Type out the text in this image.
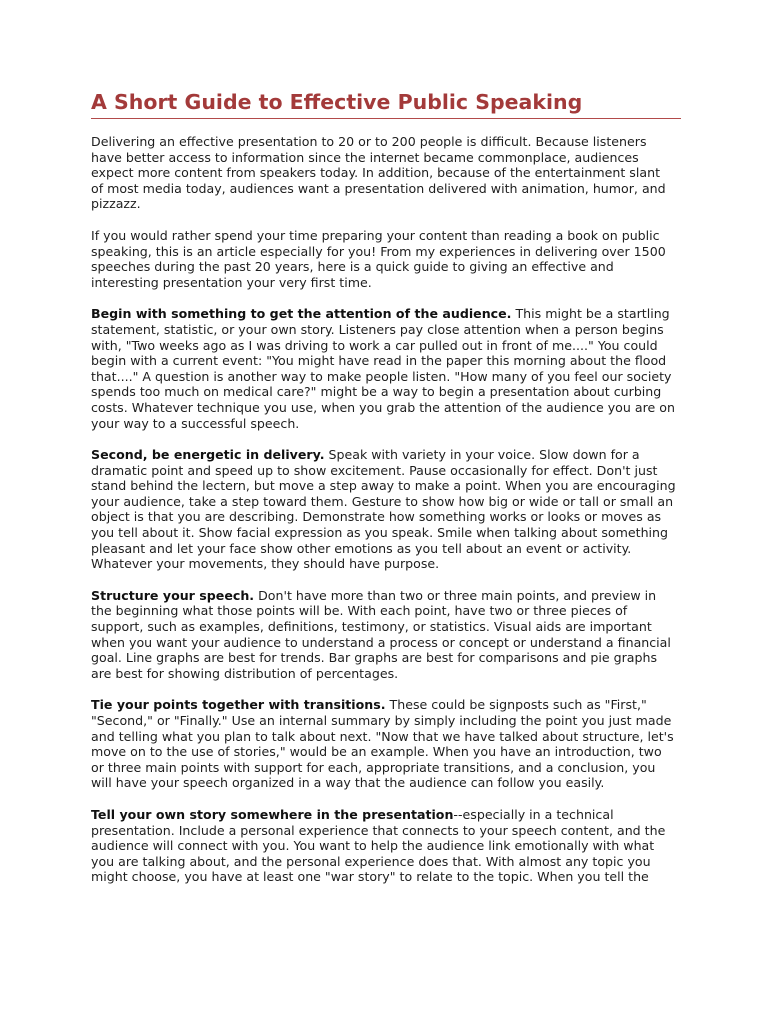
A Short Guide to Effective Public Speaking

Delivering an effective presentation to 20 or to 200 people is difficult. Because listeners
have better access to information since the internet became commonplace, audiences
expect more content from speakers today. In addition, because of the entertainment slant
of most media today, audiences want a presentation delivered with animation, humor, and
pizzazz.

If you would rather spend your time preparing your content than reading a book on public
speaking, this is an article especially for you! From my experiences in delivering over 1500
speeches during the past 20 years, here is a quick guide to giving an effective and
interesting presentation your very first time.

Begin with something to get the attention of the audience. This might be a startling
statement, statistic, or your own story. Listeners pay close attention when a person begins
with, "Two weeks ago as I was driving to work a car pulled out in front of me...." You could
begin with a current event: "You might have read in the paper this morning about the flood
that...." A question is another way to make people listen. "How many of you feel our society
spends too much on medical care?" might be a way to begin a presentation about curbing
costs. Whatever technique you use, when you grab the attention of the audience you are on
your way to a successful speech.

Second, be energetic in delivery. Speak with variety in your voice. Slow down for a
dramatic point and speed up to show excitement. Pause occasionally for effect. Don't just
stand behind the lectern, but move a step away to make a point. When you are encouraging
your audience, take a step toward them. Gesture to show how big or wide or tall or small an
object is that you are describing. Demonstrate how something works or looks or moves as
you tell about it. Show facial expression as you speak. Smile when talking about something
pleasant and let your face show other emotions as you tell about an event or activity.
Whatever your movements, they should have purpose.

Structure your speech. Don't have more than two or three main points, and preview in
the beginning what those points will be. With each point, have two or three pieces of
support, such as examples, definitions, testimony, or statistics. Visual aids are important
when you want your audience to understand a process or concept or understand a financial
goal. Line graphs are best for trends. Bar graphs are best for comparisons and pie graphs
are best for showing distribution of percentages.

Tie your points together with transitions. These could be signposts such as "First,"
"Second," or "Finally." Use an internal summary by simply including the point you just made
and telling what you plan to talk about next. "Now that we have talked about structure, let's
move on to the use of stories," would be an example. When you have an introduction, two
or three main points with support for each, appropriate transitions, and a conclusion, you
will have your speech organized in a way that the audience can follow you easily.

Tell your own story somewhere in the presentation--especially in a technical
presentation. Include a personal experience that connects to your speech content, and the
audience will connect with you. You want to help the audience link emotionally with what
you are talking about, and the personal experience does that. With almost any topic you
might choose, you have at least one "war story" to relate to the topic. When you tell the
